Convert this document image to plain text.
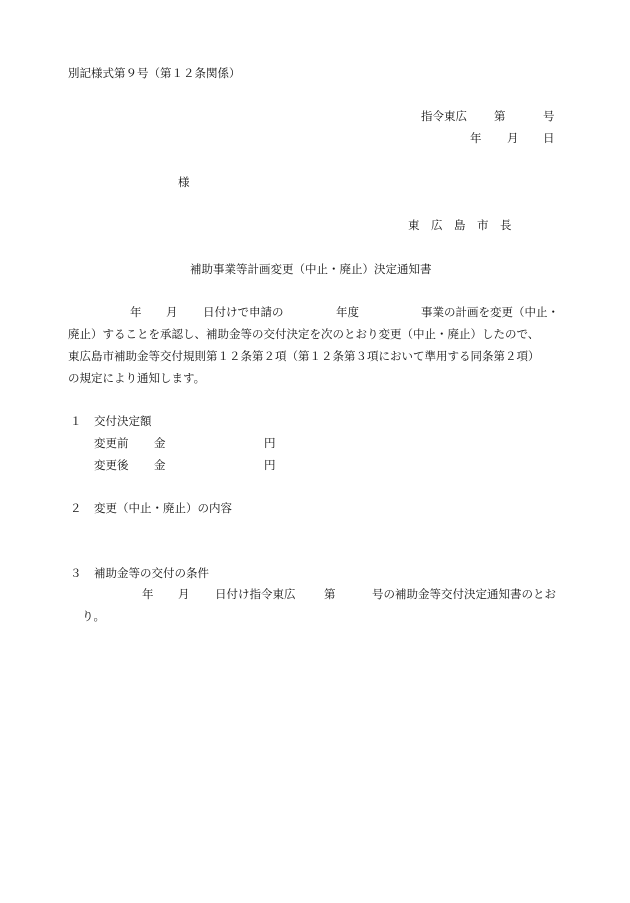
別記様式第９号（第１２条関係）
指令東広 第	号
年 月 日
様
東　広　島　市　長
補助事業等計画変更（中止・廃止）決定通知書
年 月 日付けで申請の	年度	事業の計画を変更（中止・
廃止）することを承認し、補助金等の交付決定を次のとおり変更（中止・廃止）したので、
東広島市補助金等交付規則第１２条第２項（第１２条第３項において準用する同条第２項）
の規定により通知します。
１ 交付決定額
変更前 金	円
変更後 金	円
２ 変更（中止・廃止）の内容
３ 補助金等の交付の条件
年 月 日付け指令東広 第	号の補助金等交付決定通知書のとお
り。
